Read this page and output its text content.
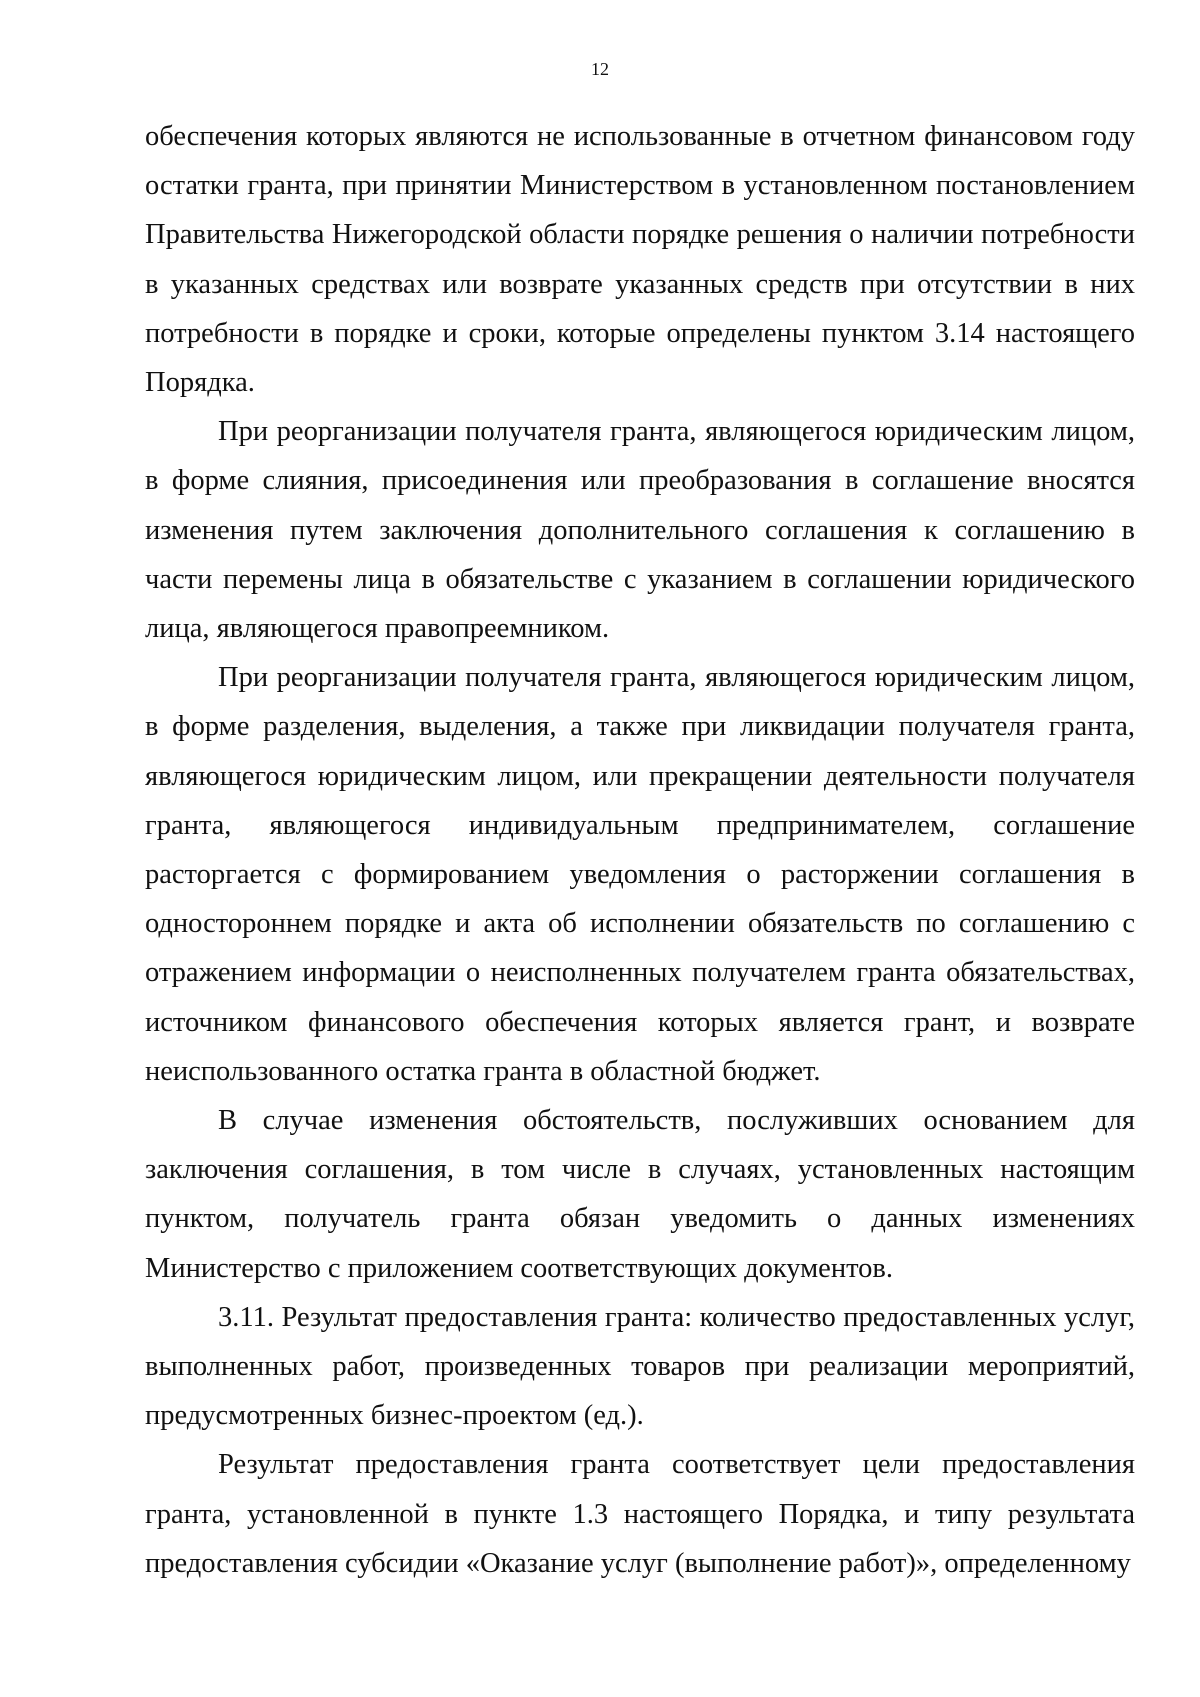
12

обеспечения которых являются не использованные в отчетном финансовом году остатки гранта, при принятии Министерством в установленном постановлением Правительства Нижегородской области порядке решения о наличии потребности в указанных средствах или возврате указанных средств при отсутствии в них потребности в порядке и сроки, которые определены пунктом 3.14 настоящего Порядка.

При реорганизации получателя гранта, являющегося юридическим лицом, в форме слияния, присоединения или преобразования в соглашение вносятся изменения путем заключения дополнительного соглашения к соглашению в части перемены лица в обязательстве с указанием в соглашении юридического лица, являющегося правопреемником.

При реорганизации получателя гранта, являющегося юридическим лицом, в форме разделения, выделения, а также при ликвидации получателя гранта, являющегося юридическим лицом, или прекращении деятельности получателя гранта, являющегося индивидуальным предпринимателем, соглашение расторгается с формированием уведомления о расторжении соглашения в одностороннем порядке и акта об исполнении обязательств по соглашению с отражением информации о неисполненных получателем гранта обязательствах, источником финансового обеспечения которых является грант, и возврате неиспользованного остатка гранта в областной бюджет.

В случае изменения обстоятельств, послуживших основанием для заключения соглашения, в том числе в случаях, установленных настоящим пунктом, получатель гранта обязан уведомить о данных изменениях Министерство с приложением соответствующих документов.

3.11. Результат предоставления гранта: количество предоставленных услуг, выполненных работ, произведенных товаров при реализации мероприятий, предусмотренных бизнес-проектом (ед.).

Результат предоставления гранта соответствует цели предоставления гранта, установленной в пункте 1.3 настоящего Порядка, и типу результата предоставления субсидии «Оказание услуг (выполнение работ)», определенному
